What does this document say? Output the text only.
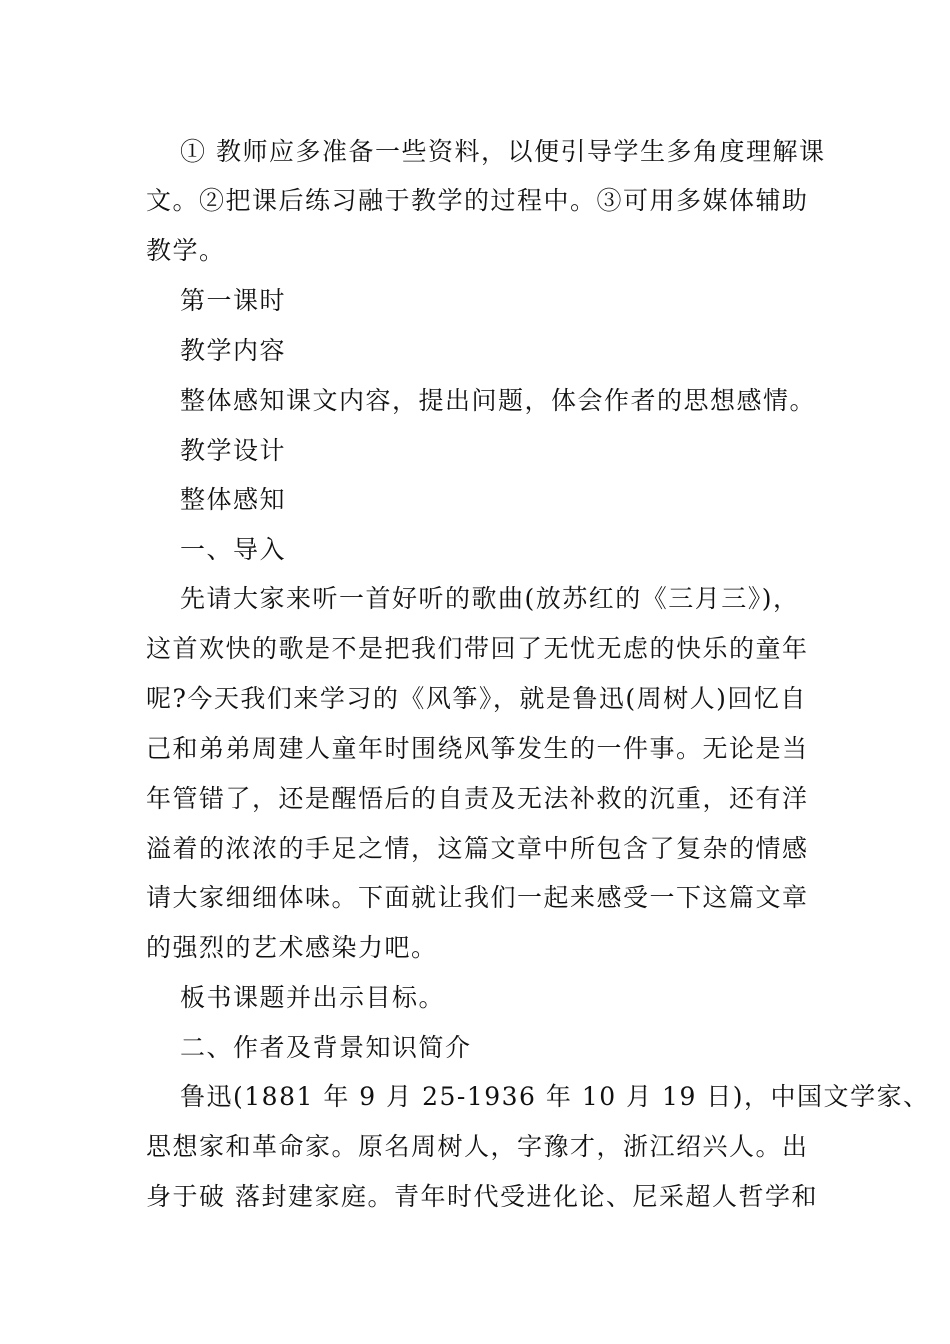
① 教师应多准备一些资料，以便引导学生多角度理解课
文。②把课后练习融于教学的过程中。③可用多媒体辅助
教学。
第一课时
教学内容
整体感知课文内容，提出问题，体会作者的思想感情。
教学设计
整体感知
一、导入
先请大家来听一首好听的歌曲(放苏红的《三月三》)，
这首欢快的歌是不是把我们带回了无忧无虑的快乐的童年
呢?今天我们来学习的《风筝》，就是鲁迅(周树人)回忆自
己和弟弟周建人童年时围绕风筝发生的一件事。无论是当
年管错了，还是醒悟后的自责及无法补救的沉重，还有洋
溢着的浓浓的手足之情，这篇文章中所包含了复杂的情感
请大家细细体味。下面就让我们一起来感受一下这篇文章
的强烈的艺术感染力吧。
板书课题并出示目标。
二、作者及背景知识简介
鲁迅(1881 年 9 月 25-1936 年 10 月 19 日)，中国文学家、
思想家和革命家。原名周树人，字豫才，浙江绍兴人。出
身于破 落封建家庭。青年时代受进化论、尼采超人哲学和
